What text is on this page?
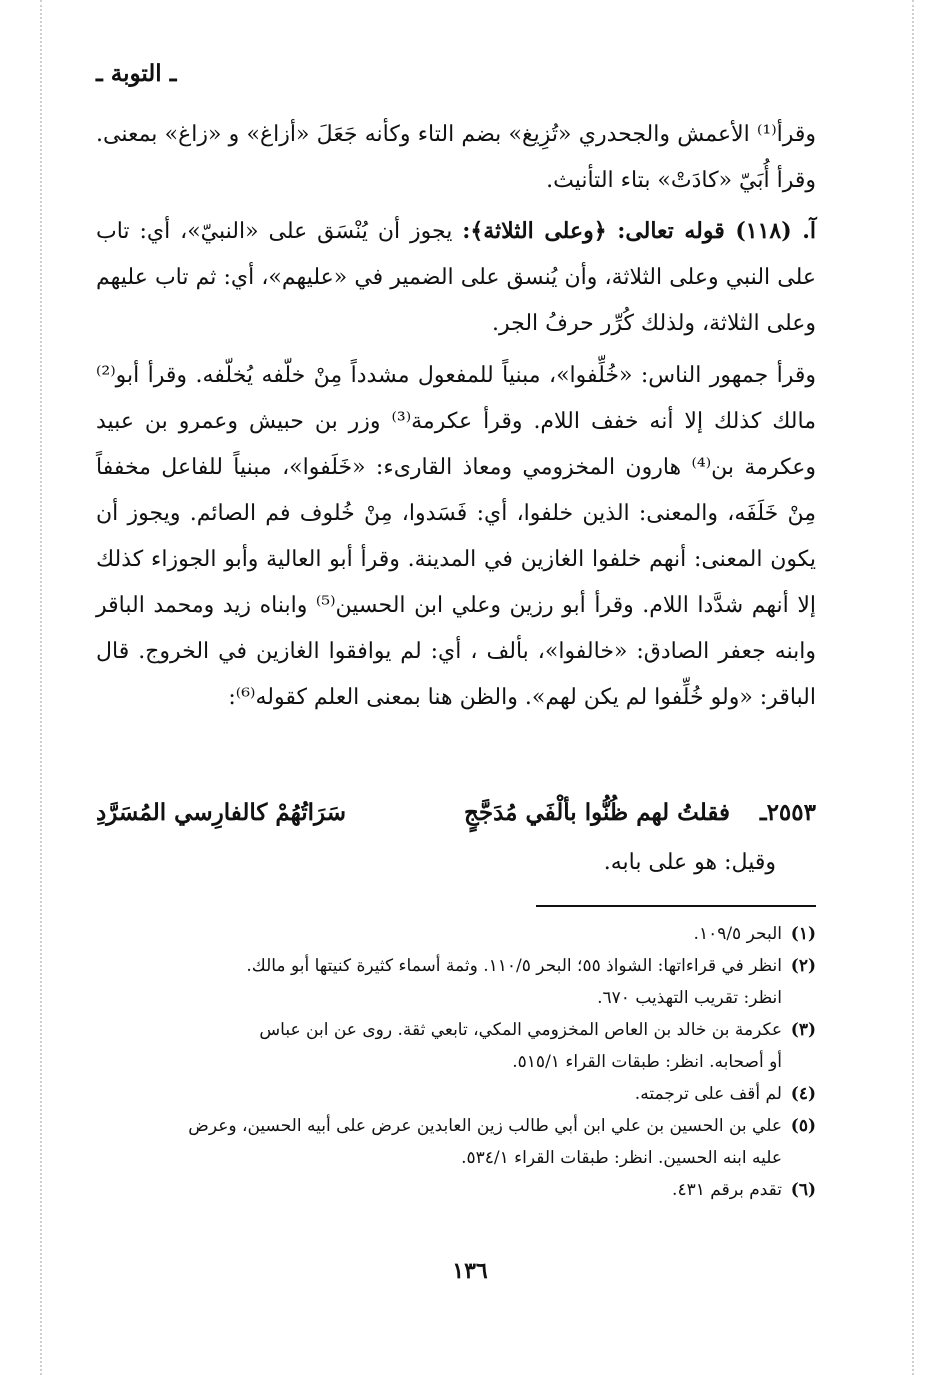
ـ التوبة ـ

وقرأ⁽¹⁾ الأعمش والجحدري «تُزِيغ» بضم التاء وكأنه جَعَلَ «أزاغ» و «زاغ» بمعنى. وقرأ أُبَيّ «كادَتْ» بتاء التأنيث.

آ. (١١٨) قوله تعالى: ﴿وعلى الثلاثة﴾: يجوز أن يُنْسَق على «النبيّ»، أي: تاب على النبي وعلى الثلاثة، وأن يُنسق على الضمير في «عليهم»، أي: ثم تاب عليهم وعلى الثلاثة، ولذلك كُرِّر حرفُ الجر.

وقرأ جمهور الناس: «خُلِّفوا»، مبنياً للمفعول مشدداً مِنْ خلّفه يُخلّفه. وقرأ أبو⁽²⁾ مالك كذلك إلا أنه خفف اللام. وقرأ عكرمة⁽³⁾ وزر بن حبيش وعمرو بن عبيد وعكرمة بن⁽⁴⁾ هارون المخزومي ومعاذ القارىء: «خَلَفوا»، مبنياً للفاعل مخففاً مِنْ خَلَفَه، والمعنى: الذين خلفوا، أي: فَسَدوا، مِنْ خُلوف فم الصائم. ويجوز أن يكون المعنى: أنهم خلفوا الغازين في المدينة. وقرأ أبو العالية وأبو الجوزاء كذلك إلا أنهم شدَّدا اللام. وقرأ أبو رزين وعلي ابن الحسين⁽⁵⁾ وابناه زيد ومحمد الباقر وابنه جعفر الصادق: «خالفوا»، بألف ، أي: لم يوافقوا الغازين في الخروج. قال الباقر: «ولو خُلِّفوا لم يكن لهم». والظن هنا بمعنى العلم كقوله⁽⁶⁾:

٢٥٥٣ـ
فقلتُ لهم ظُنُّوا بألْفَي مُدَجَّجٍ
سَرَاتُهُمْ كالفارِسي المُسَرَّدِ
وقيل: هو على بابه.

(١)البحر ١٠٩/٥.

(٢)انظر في قراءاتها: الشواذ ٥٥؛ البحر ١١٠/٥. وثمة أسماء كثيرة كنيتها أبو مالك.
انظر: تقريب التهذيب ٦٧٠.

(٣)عكرمة بن خالد بن العاص المخزومي المكي، تابعي ثقة. روى عن ابن عباس
أو أصحابه. انظر: طبقات القراء ٥١٥/١.

(٤)لم أقف على ترجمته.

(٥)علي بن الحسين بن علي ابن أبي طالب زين العابدين عرض على أبيه الحسين، وعرض
عليه ابنه الحسين. انظر: طبقات القراء ٥٣٤/١.

(٦)تقدم برقم ٤٣١.

١٣٦
